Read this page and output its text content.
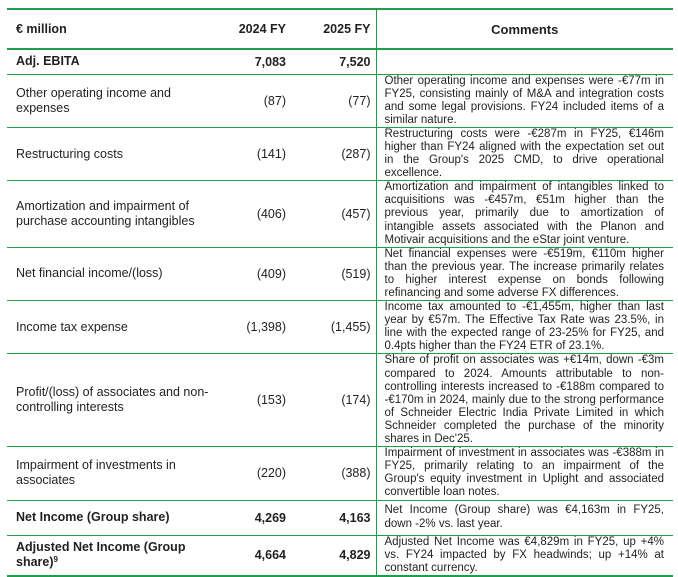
€ million	2024 FY	2025 FY	Comments
Adj. EBITA	7,083	7,520	
Other operating income and expenses	(87)	(77)	Other operating income and expenses were -€77m in FY25, consisting mainly of M&A and integration costs and some legal provisions. FY24 included items of a similar nature.
Restructuring costs	(141)	(287)	Restructuring costs were -€287m in FY25, €146m higher than FY24 aligned with the expectation set out in the Group's 2025 CMD, to drive operational excellence.
Amortization and impairment of purchase accounting intangibles	(406)	(457)	Amortization and impairment of intangibles linked to acquisitions was -€457m, €51m higher than the previous year, primarily due to amortization of intangible assets associated with the Planon and Motivair acquisitions and the eStar joint venture.
Net financial income/(loss)	(409)	(519)	Net financial expenses were -€519m, €110m higher than the previous year. The increase primarily relates to higher interest expense on bonds following refinancing and some adverse FX differences.
Income tax expense	(1,398)	(1,455)	Income tax amounted to -€1,455m, higher than last year by €57m. The Effective Tax Rate was 23.5%, in line with the expected range of 23-25% for FY25, and 0.4pts higher than the FY24 ETR of 23.1%.
Profit/(loss) of associates and non-controlling interests	(153)	(174)	Share of profit on associates was +€14m, down -€3m compared to 2024. Amounts attributable to non-controlling interests increased to -€188m compared to -€170m in 2024, mainly due to the strong performance of Schneider Electric India Private Limited in which Schneider completed the purchase of the minority shares in Dec'25.
Impairment of investments in associates	(220)	(388)	Impairment of investment in associates was -€388m in FY25, primarily relating to an impairment of the Group's equity investment in Uplight and associated convertible loan notes.
Net Income (Group share)	4,269	4,163	Net Income (Group share) was €4,163m in FY25, down -2% vs. last year.
Adjusted Net Income (Group share)$^9$	4,664	4,829	Adjusted Net Income was €4,829m in FY25, up +4% vs. FY24 impacted by FX headwinds; up +14% at constant currency.
